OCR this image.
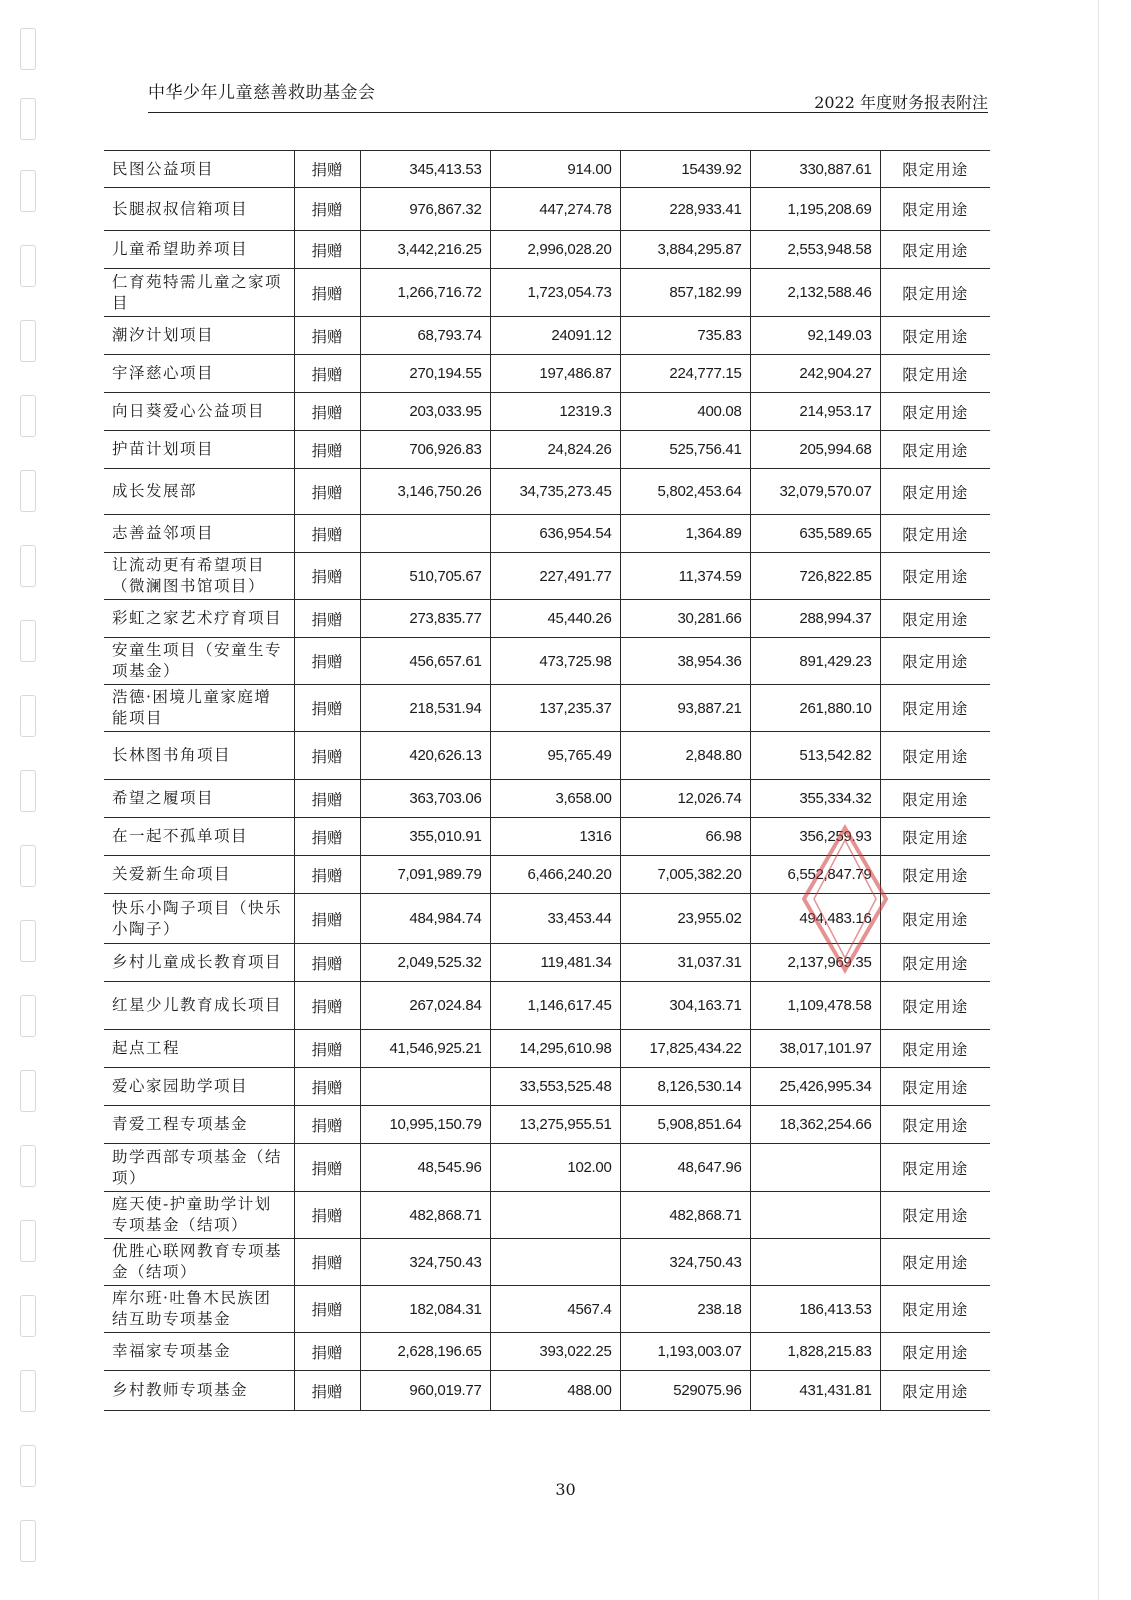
中华少年儿童慈善救助基金会	2022 年度财务报表附注
民图公益项目	捐赠	345,413.53	914.00	15439.92	330,887.61	限定用途
长腿叔叔信箱项目	捐赠	976,867.32	447,274.78	228,933.41	1,195,208.69	限定用途
儿童希望助养项目	捐赠	3,442,216.25	2,996,028.20	3,884,295.87	2,553,948.58	限定用途
仁育苑特需儿童之家项目	捐赠	1,266,716.72	1,723,054.73	857,182.99	2,132,588.46	限定用途
潮汐计划项目	捐赠	68,793.74	24091.12	735.83	92,149.03	限定用途
宇泽慈心项目	捐赠	270,194.55	197,486.87	224,777.15	242,904.27	限定用途
向日葵爱心公益项目	捐赠	203,033.95	12319.3	400.08	214,953.17	限定用途
护苗计划项目	捐赠	706,926.83	24,824.26	525,756.41	205,994.68	限定用途
成长发展部	捐赠	3,146,750.26	34,735,273.45	5,802,453.64	32,079,570.07	限定用途
志善益邻项目	捐赠		636,954.54	1,364.89	635,589.65	限定用途
让流动更有希望项目（微澜图书馆项目）	捐赠	510,705.67	227,491.77	11,374.59	726,822.85	限定用途
彩虹之家艺术疗育项目	捐赠	273,835.77	45,440.26	30,281.66	288,994.37	限定用途
安童生项目（安童生专项基金）	捐赠	456,657.61	473,725.98	38,954.36	891,429.23	限定用途
浩德·困境儿童家庭增能项目	捐赠	218,531.94	137,235.37	93,887.21	261,880.10	限定用途
长林图书角项目	捐赠	420,626.13	95,765.49	2,848.80	513,542.82	限定用途
希望之履项目	捐赠	363,703.06	3,658.00	12,026.74	355,334.32	限定用途
在一起不孤单项目	捐赠	355,010.91	1316	66.98	356,259.93	限定用途
关爱新生命项目	捐赠	7,091,989.79	6,466,240.20	7,005,382.20	6,552,847.79	限定用途
快乐小陶子项目（快乐小陶子）	捐赠	484,984.74	33,453.44	23,955.02	494,483.16	限定用途
乡村儿童成长教育项目	捐赠	2,049,525.32	119,481.34	31,037.31	2,137,969.35	限定用途
红星少儿教育成长项目	捐赠	267,024.84	1,146,617.45	304,163.71	1,109,478.58	限定用途
起点工程	捐赠	41,546,925.21	14,295,610.98	17,825,434.22	38,017,101.97	限定用途
爱心家园助学项目	捐赠		33,553,525.48	8,126,530.14	25,426,995.34	限定用途
青爱工程专项基金	捐赠	10,995,150.79	13,275,955.51	5,908,851.64	18,362,254.66	限定用途
助学西部专项基金（结项）	捐赠	48,545.96	102.00	48,647.96		限定用途
庭天使-护童助学计划专项基金（结项）	捐赠	482,868.71		482,868.71		限定用途
优胜心联网教育专项基金（结项）	捐赠	324,750.43		324,750.43		限定用途
库尔班·吐鲁木民族团结互助专项基金	捐赠	182,084.31	4567.4	238.18	186,413.53	限定用途
幸福家专项基金	捐赠	2,628,196.65	393,022.25	1,193,003.07	1,828,215.83	限定用途
乡村教师专项基金	捐赠	960,019.77	488.00	529075.96	431,431.81	限定用途
30
